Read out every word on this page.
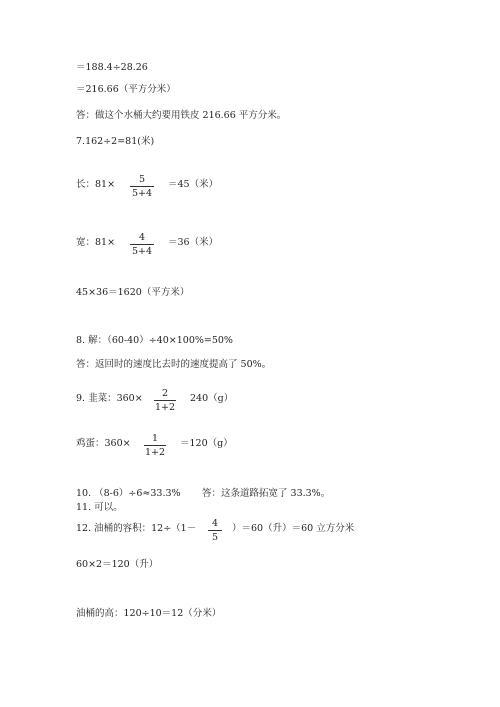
＝188.4÷28.26
＝216.66（平方分米）
答：做这个水桶大约要用铁皮 216.66 平方分米。
7.162÷2=81(米)
长：81×	5
5+4
＝45（米）
宽：81×	4
5+4
＝36（米）
45×36＝1620（平方米）
8. 解：（60-40）÷40×100%=50%
答：返回时的速度比去时的速度提高了 50%。
9. 韭菜：360×	2
1+2
240（g）
鸡蛋：360×	1
1+2
＝120（g）
10. （8-6）÷6≈33.3% 答：这条道路拓宽了 33.3%。
11. 可以。
12. 油桶的容积：12÷（1－	4
5
）＝60（升）＝60 立方分米
60×2＝120（升）
油桶的高：120÷10＝12（分米）
